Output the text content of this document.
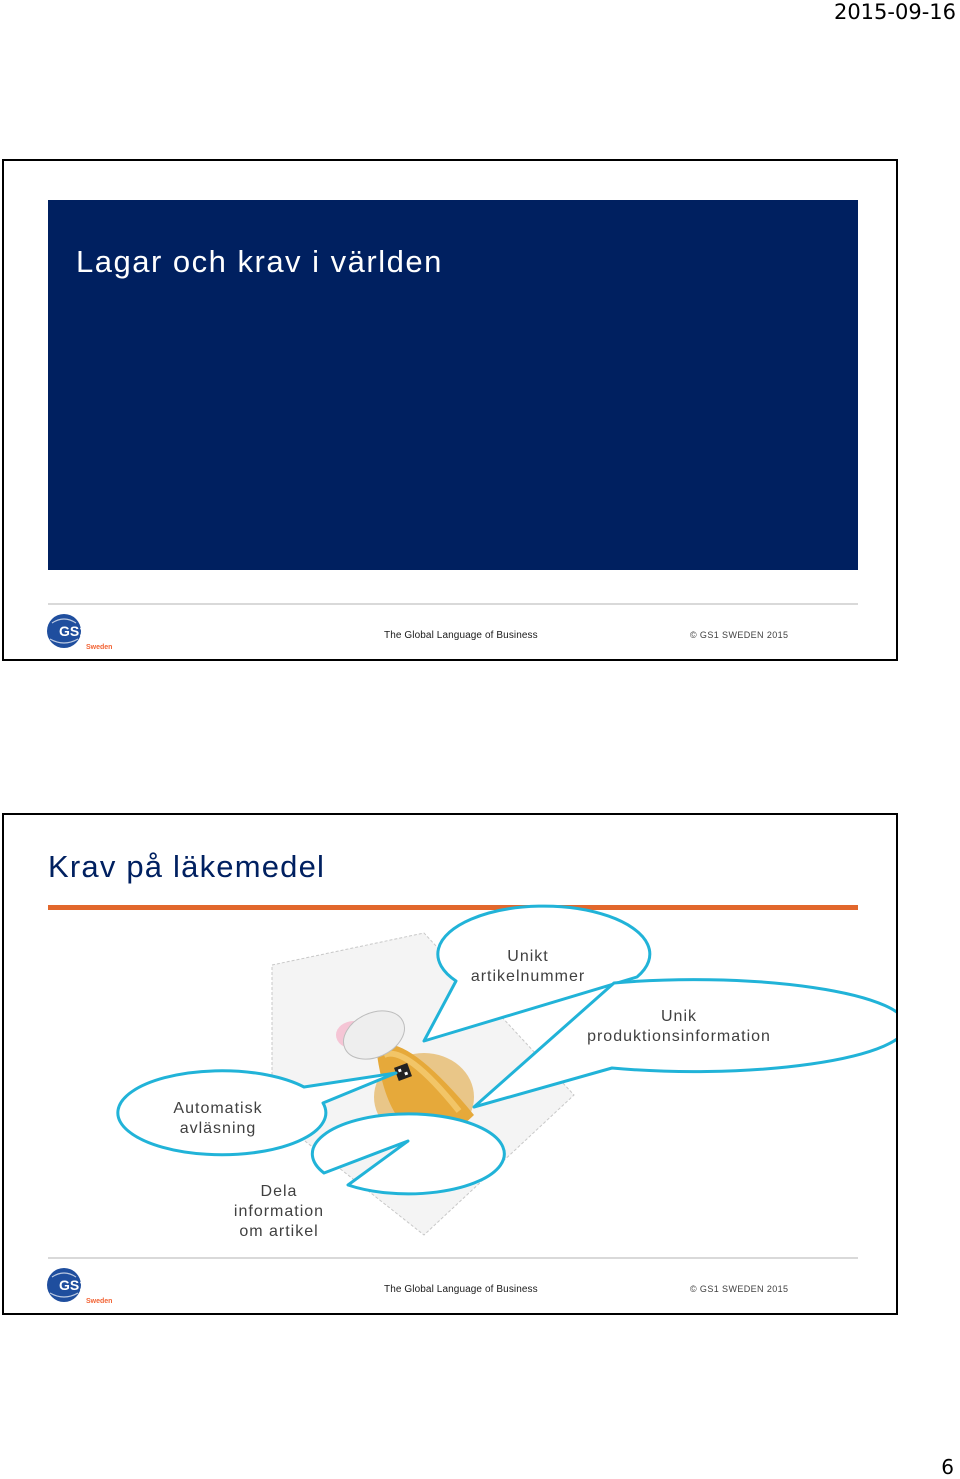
2015-09-16
Lagar och krav i världen
GS1
Sweden
The Global Language of Business	© GS1 SWEDEN 2015
Krav på läkemedel
Unikt
artikelnummer
Unik
produktionsinformation
Automatisk
avläsning
Dela
information
om artikel
GS1
Sweden
The Global Language of Business	© GS1 SWEDEN 2015
6
